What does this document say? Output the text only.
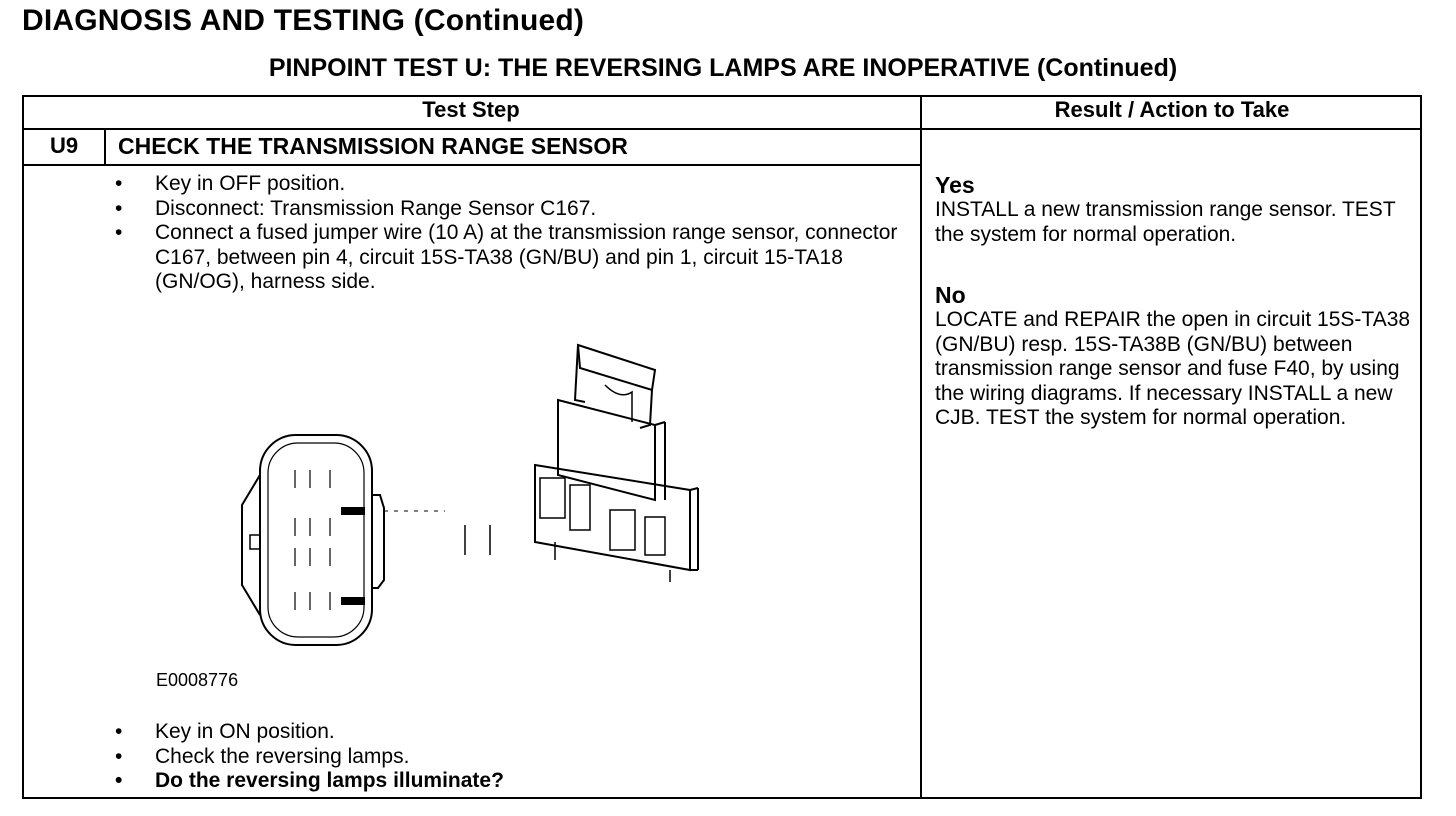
DIAGNOSIS AND TESTING (Continued)
PINPOINT TEST U: THE REVERSING LAMPS ARE INOPERATIVE (Continued)
Test Step	Result / Action to Take
U9	CHECK THE TRANSMISSION RANGE SENSOR
• Key in OFF position.
• Disconnect: Transmission Range Sensor C167.
• Connect a fused jumper wire (10 A) at the transmission range sensor, connector C167, between pin 4, circuit 15S-TA38 (GN/BU) and pin 1, circuit 15-TA18 (GN/OG), harness side.
E0008776
• Key in ON position.
• Check the reversing lamps.
• Do the reversing lamps illuminate?
Yes
INSTALL a new transmission range sensor. TEST the system for normal operation.
No
LOCATE and REPAIR the open in circuit 15S-TA38 (GN/BU) resp. 15S-TA38B (GN/BU) between transmission range sensor and fuse F40, by using the wiring diagrams. If necessary INSTALL a new CJB. TEST the system for normal operation.
